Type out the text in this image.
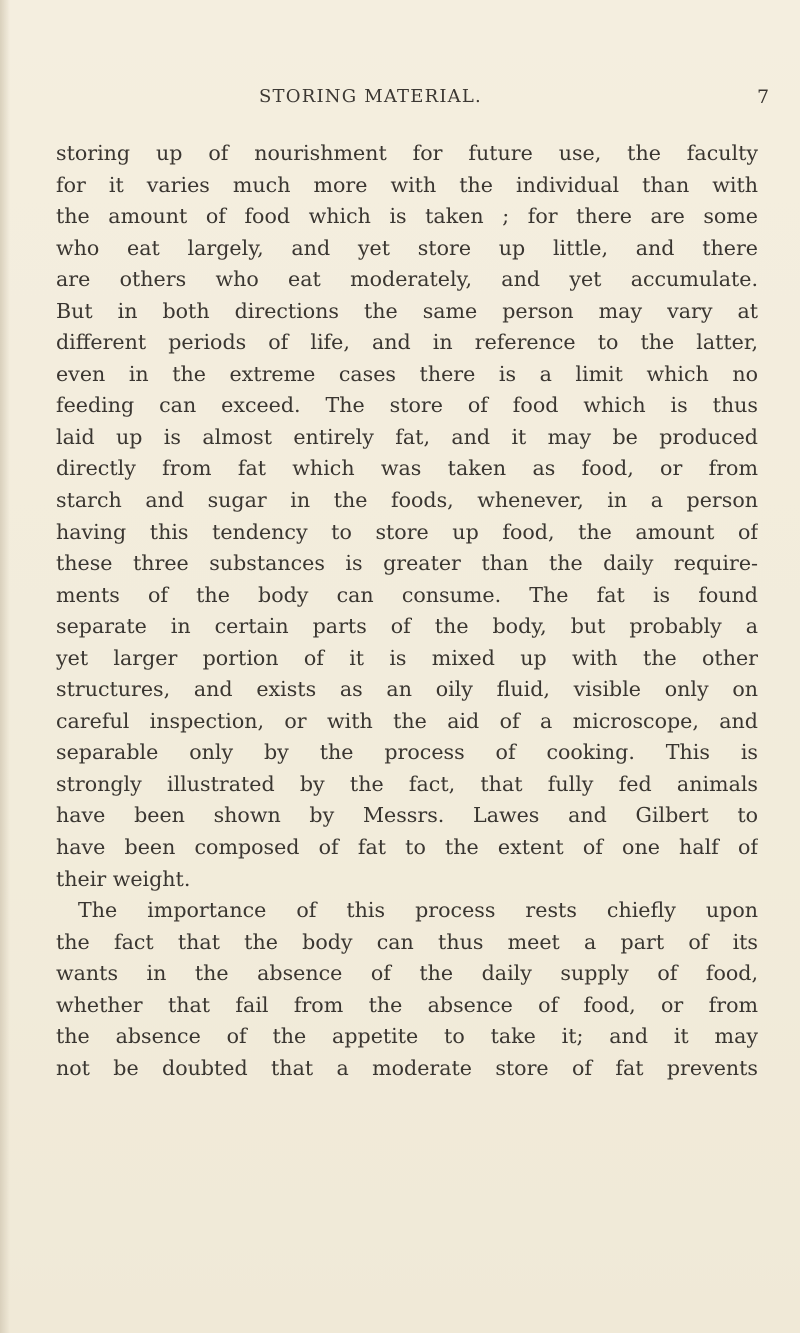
STORING MATERIAL.	7
storing up of nourishment for future use, the faculty
for it varies much more with the individual than with
the amount of food which is taken ; for there are some
who eat largely, and yet store up little, and there
are others who eat moderately, and yet accumulate.
But in both directions the same person may vary at
different periods of life, and in reference to the latter,
even in the extreme cases there is a limit which no
feeding can exceed. The store of food which is thus
laid up is almost entirely fat, and it may be produced
directly from fat which was taken as food, or from
starch and sugar in the foods, whenever, in a person
having this tendency to store up food, the amount of
these three substances is greater than the daily require-
ments of the body can consume. The fat is found
separate in certain parts of the body, but probably a
yet larger portion of it is mixed up with the other
structures, and exists as an oily fluid, visible only on
careful inspection, or with the aid of a microscope, and
separable only by the process of cooking. This is
strongly illustrated by the fact, that fully fed animals
have been shown by Messrs. Lawes and Gilbert to
have been composed of fat to the extent of one half of
their weight.
The importance of this process rests chiefly upon
the fact that the body can thus meet a part of its
wants in the absence of the daily supply of food,
whether that fail from the absence of food, or from
the absence of the appetite to take it; and it may
not be doubted that a moderate store of fat prevents
